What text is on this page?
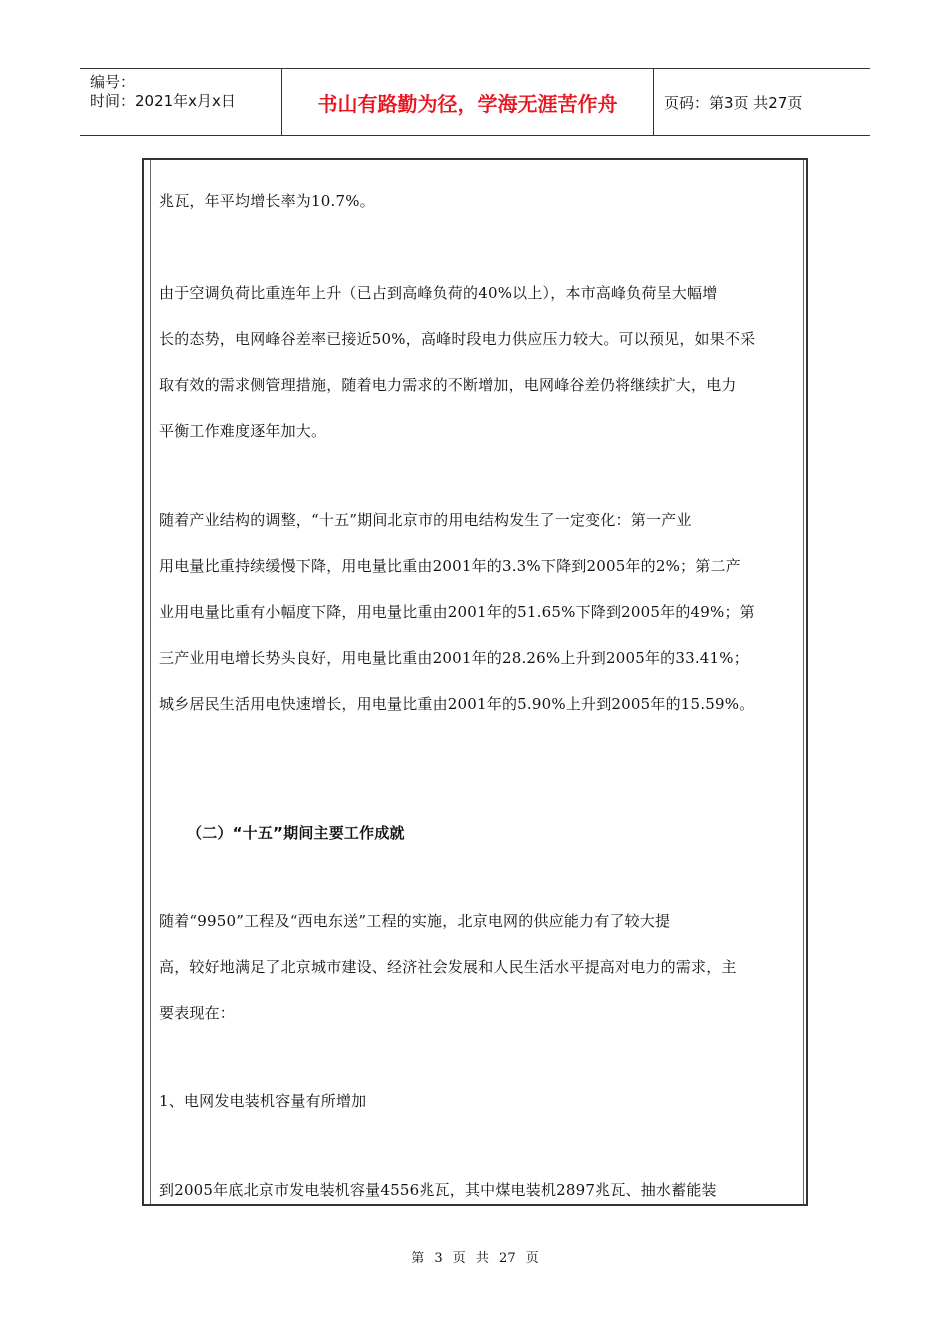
编号：
时间：2021年x月x日	书山有路勤为径，学海无涯苦作舟	页码：第3页 共27页
兆瓦，年平均增长率为10.7%。
由于空调负荷比重连年上升（已占到高峰负荷的40%以上），本市高峰负荷呈大幅增
长的态势，电网峰谷差率已接近50%，高峰时段电力供应压力较大。可以预见，如果不采
取有效的需求侧管理措施，随着电力需求的不断增加，电网峰谷差仍将继续扩大，电力
平衡工作难度逐年加大。
随着产业结构的调整，“十五”期间北京市的用电结构发生了一定变化：第一产业
用电量比重持续缓慢下降，用电量比重由2001年的3.3%下降到2005年的2%；第二产
业用电量比重有小幅度下降，用电量比重由2001年的51.65%下降到2005年的49%；第
三产业用电增长势头良好，用电量比重由2001年的28.26%上升到2005年的33.41%；
城乡居民生活用电快速增长，用电量比重由2001年的5.90%上升到2005年的15.59%。
（二）“十五”期间主要工作成就
随着“9950”工程及“西电东送”工程的实施，北京电网的供应能力有了较大提
高，较好地满足了北京城市建设、经济社会发展和人民生活水平提高对电力的需求，主
要表现在：
1、电网发电装机容量有所增加
到2005年底北京市发电装机容量4556兆瓦，其中煤电装机2897兆瓦、抽水蓄能装
第 3 页 共 27 页
